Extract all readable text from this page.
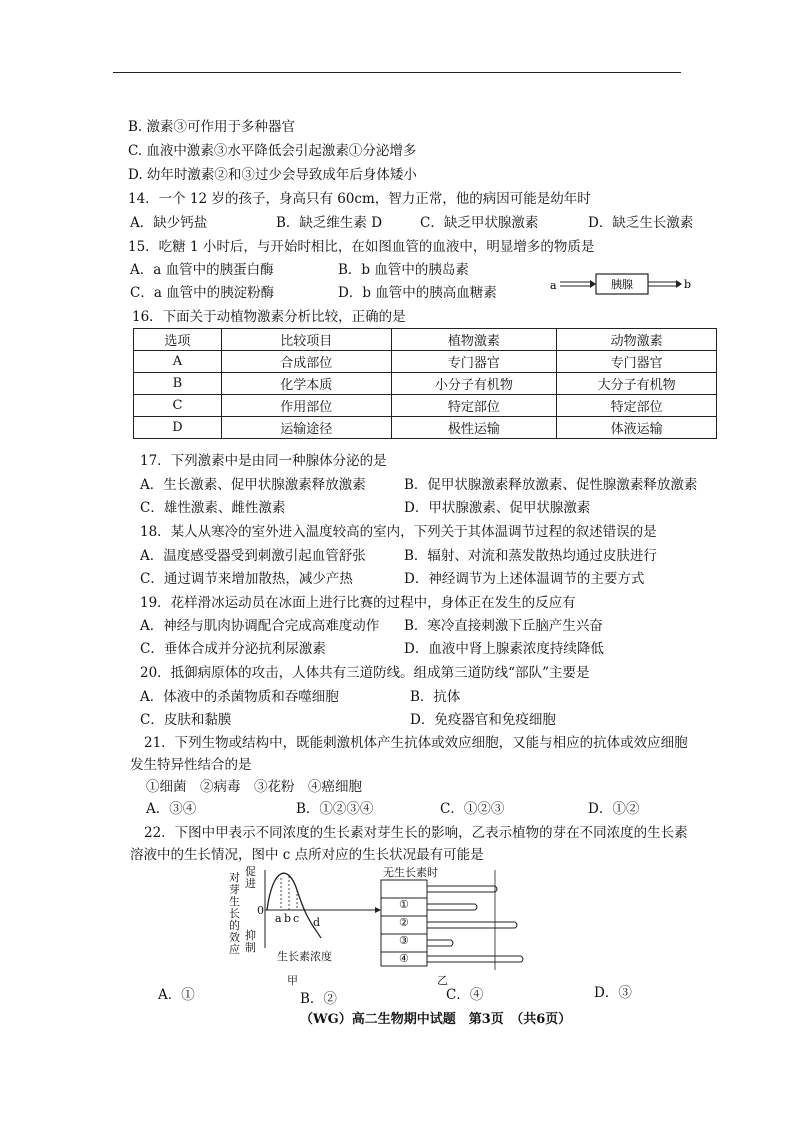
B. 激素③可作用于多种器官
C. 血液中激素③水平降低会引起激素①分泌增多
D. 幼年时激素②和③过少会导致成年后身体矮小
14．一个 12 岁的孩子，身高只有 60cm，智力正常，他的病因可能是幼年时
A．缺少钙盐	B．缺乏维生素 D	C．缺乏甲状腺激素	D．缺乏生长激素
15．吃糖 1 小时后，与开始时相比，在如图血管的血液中，明显增多的物质是
A．a 血管中的胰蛋白酶	B．b 血管中的胰岛素
C．a 血管中的胰淀粉酶	D．b 血管中的胰高血糖素	a	胰腺	b
16．下面关于动植物激素分析比较，正确的是
选项	比较项目	植物激素	动物激素
A	合成部位	专门器官	专门器官
B	化学本质	小分子有机物	大分子有机物
C	作用部位	特定部位	特定部位
D	运输途径	极性运输	体液运输
17．下列激素中是由同一种腺体分泌的是
A．生长激素、促甲状腺激素释放激素	B．促甲状腺激素释放激素、促性腺激素释放激素
C．雄性激素、雌性激素	D．甲状腺激素、促甲状腺激素
18．某人从寒冷的室外进入温度较高的室内，下列关于其体温调节过程的叙述错误的是
A．温度感受器受到刺激引起血管舒张	B．辐射、对流和蒸发散热均通过皮肤进行
C．通过调节来增加散热，减少产热	D．神经调节为上述体温调节的主要方式
19．花样滑冰运动员在冰面上进行比赛的过程中，身体正在发生的反应有
A．神经与肌肉协调配合完成高难度动作 B．寒冷直接刺激下丘脑产生兴奋
C．垂体合成并分泌抗利尿激素	D．血液中肾上腺素浓度持续降低
20．抵御病原体的攻击，人体共有三道防线。组成第三道防线“部队”主要是
A．体液中的杀菌物质和吞噬细胞	B．抗体
C．皮肤和黏膜	D．免疫器官和免疫细胞
21．下列生物或结构中，既能刺激机体产生抗体或效应细胞，又能与相应的抗体或效应细胞
发生特异性结合的是
①细菌　②病毒　③花粉　④癌细胞
A．③④	B．①②③④	C．①②③	D．①②
22．下图中甲表示不同浓度的生长素对芽生长的影响，乙表示植物的芽在不同浓度的生长素
溶液中的生长情况，图中 c 点所对应的生长状况最有可能是
对芽生长的效应
促进
抑制
0
a b c d
生长素浓度
甲
无生长素时
①
②
③
④
乙
A．①	B．②	C．④	D．③
（WG）高二生物期中试题　第3页　（共6页）
